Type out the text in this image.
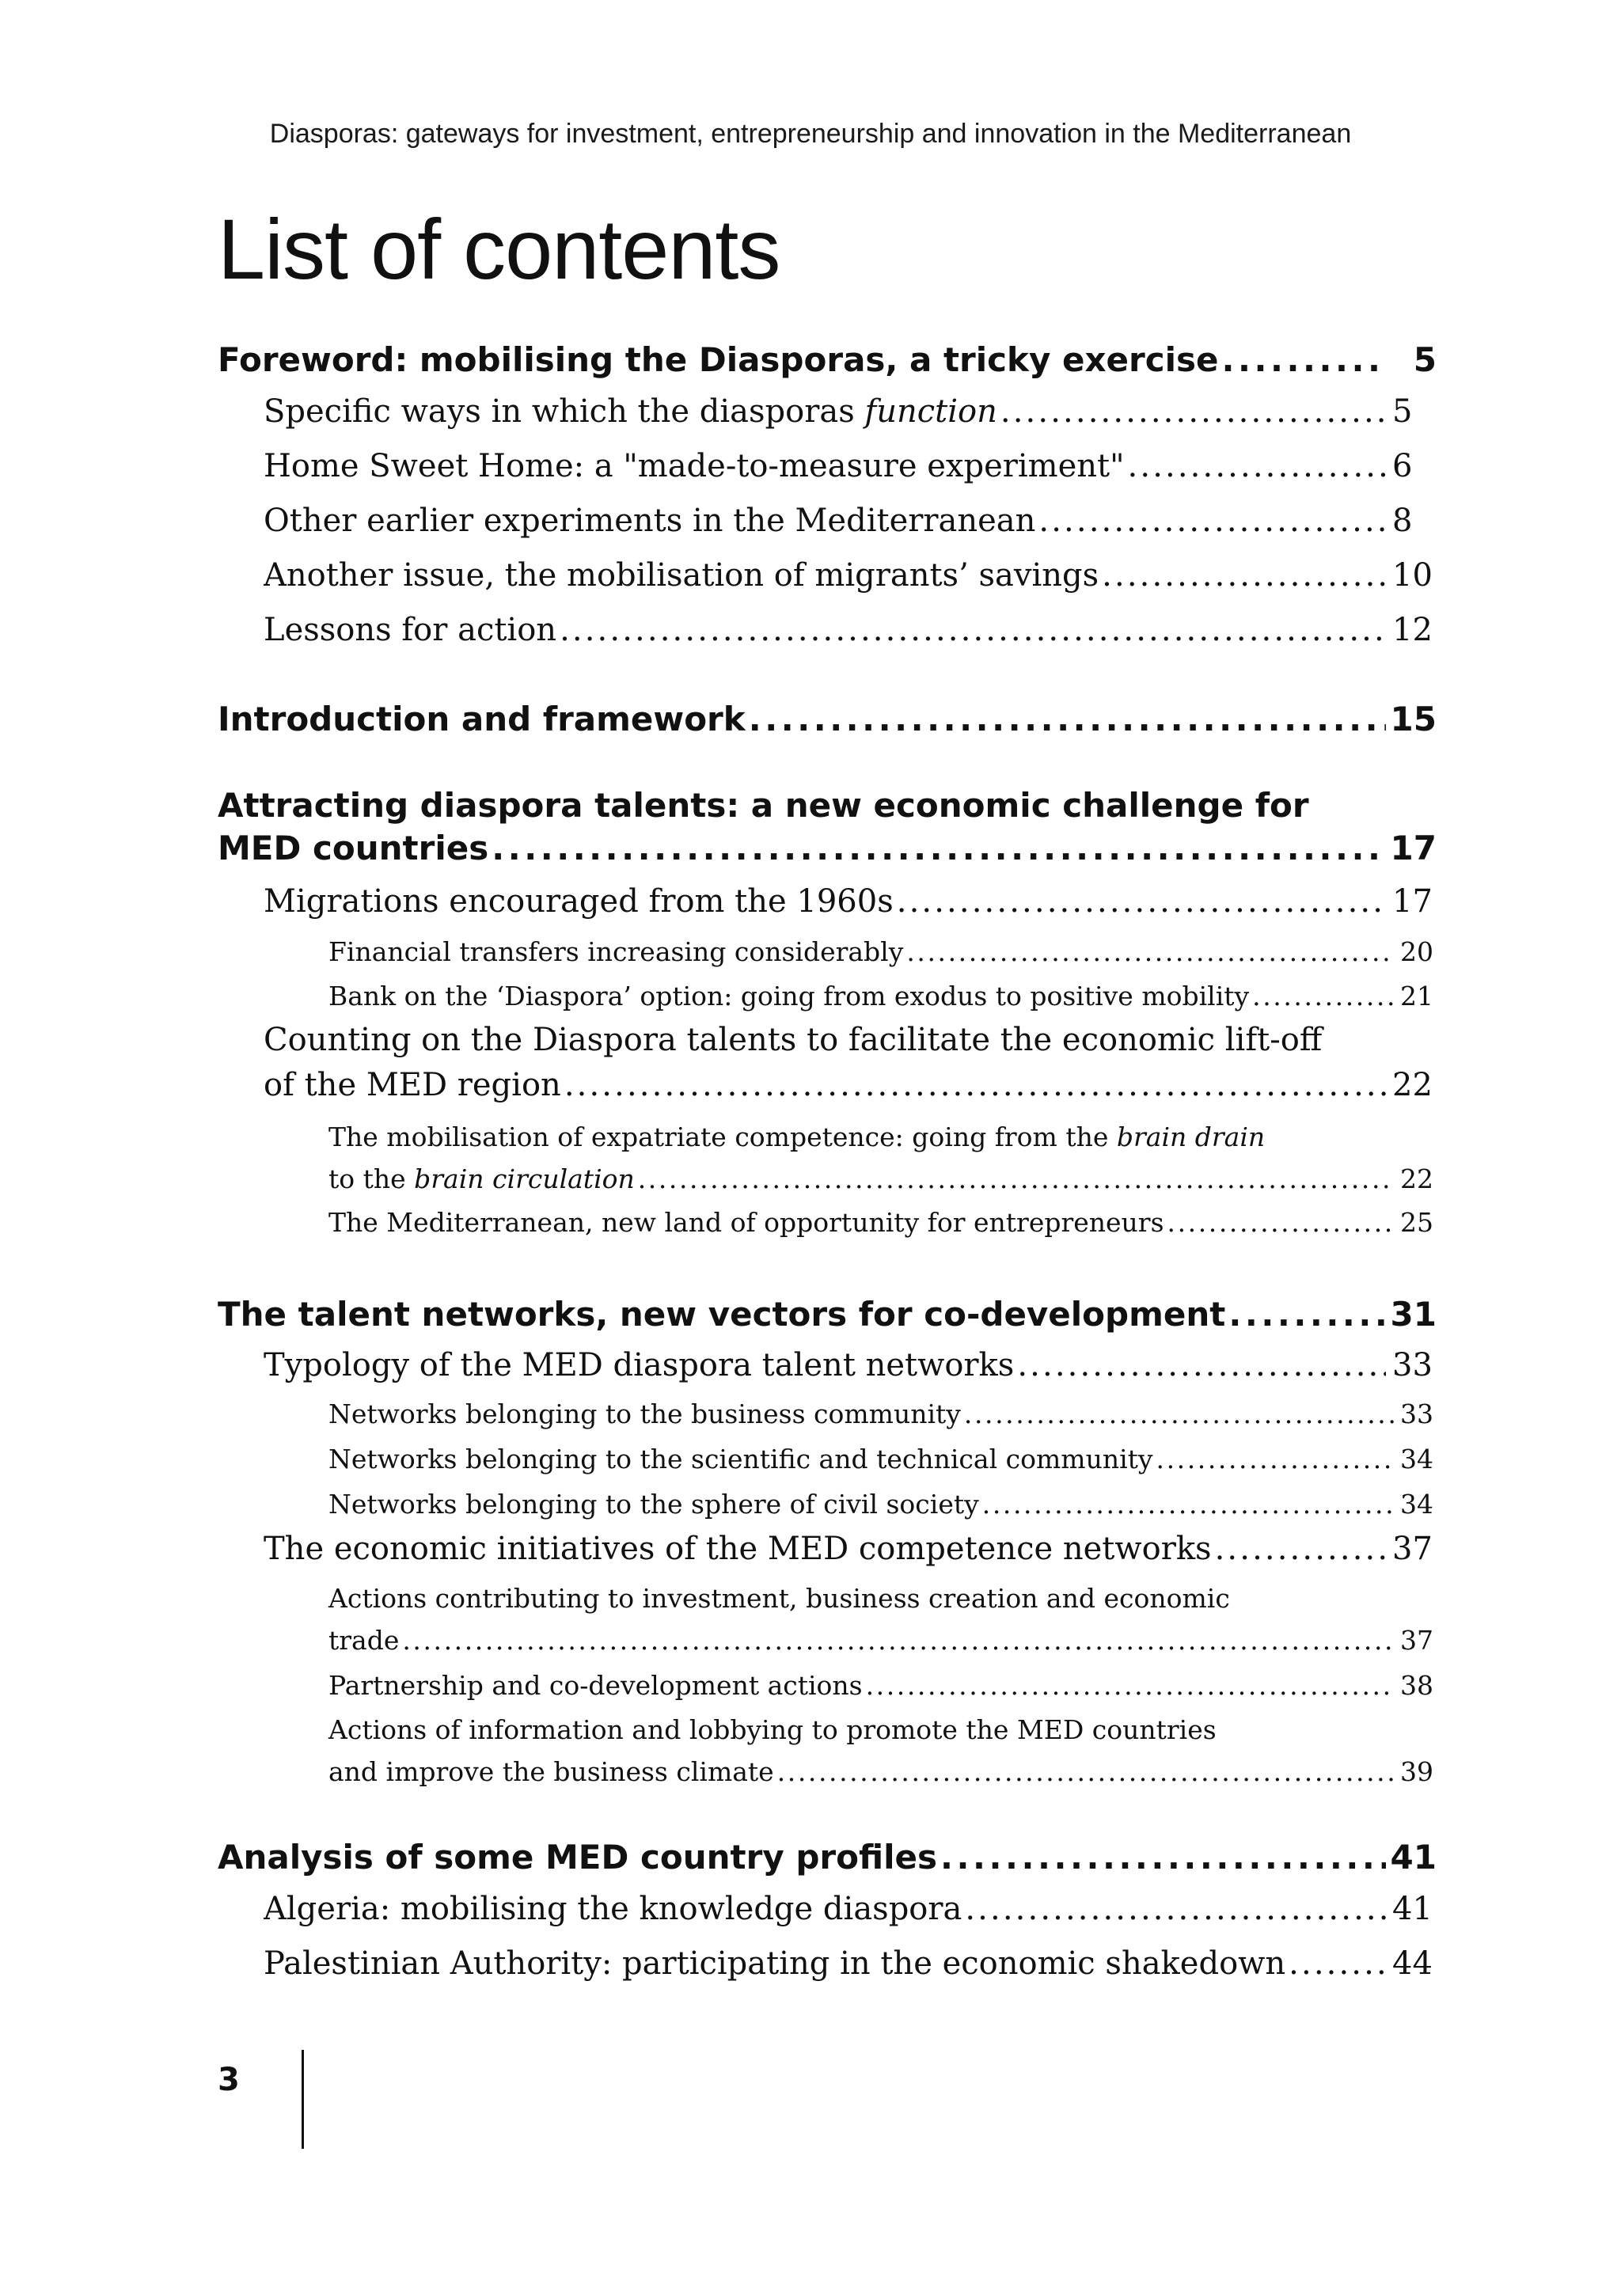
Diasporas: gateways for investment, entrepreneurship and innovation in the Mediterranean
List of contents
Foreword: mobilising the Diasporas, a tricky exercise . . .	5
Specific ways in which the diasporas function . . .	5
Home Sweet Home: a "made-to-measure experiment" . . .	6
Other earlier experiments in the Mediterranean . . .	8
Another issue, the mobilisation of migrants’ savings . . .	10
Lessons for action . . .	12
Introduction and framework . . .	15
Attracting diaspora talents: a new economic challenge for
MED countries . . .	17
Migrations encouraged from the 1960s . . .	17
Financial transfers increasing considerably . . .	20
Bank on the ‘Diaspora’ option: going from exodus to positive mobility . . .	21
Counting on the Diaspora talents to facilitate the economic lift-off
of the MED region . . .	22
The mobilisation of expatriate competence: going from the brain drain
to the brain circulation . . .	22
The Mediterranean, new land of opportunity for entrepreneurs . . .	25
The talent networks, new vectors for co-development . . .	31
Typology of the MED diaspora talent networks . . .	33
Networks belonging to the business community . . .	33
Networks belonging to the scientific and technical community . . .	34
Networks belonging to the sphere of civil society . . .	34
The economic initiatives of the MED competence networks . . .	37
Actions contributing to investment, business creation and economic
trade . . .	37
Partnership and co-development actions . . .	38
Actions of information and lobbying to promote the MED countries
and improve the business climate . . .	39
Analysis of some MED country profiles . . .	41
Algeria: mobilising the knowledge diaspora . . .	41
Palestinian Authority: participating in the economic shakedown . . .	44
3
